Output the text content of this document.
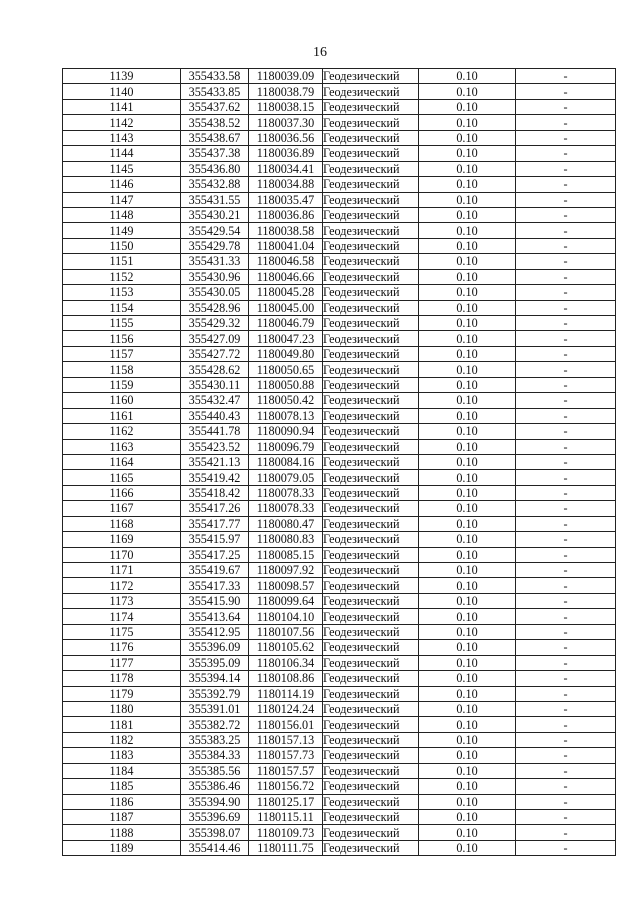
16
1139	355433.58	1180039.09	Геодезический	0.10	-
1140	355433.85	1180038.79	Геодезический	0.10	-
1141	355437.62	1180038.15	Геодезический	0.10	-
1142	355438.52	1180037.30	Геодезический	0.10	-
1143	355438.67	1180036.56	Геодезический	0.10	-
1144	355437.38	1180036.89	Геодезический	0.10	-
1145	355436.80	1180034.41	Геодезический	0.10	-
1146	355432.88	1180034.88	Геодезический	0.10	-
1147	355431.55	1180035.47	Геодезический	0.10	-
1148	355430.21	1180036.86	Геодезический	0.10	-
1149	355429.54	1180038.58	Геодезический	0.10	-
1150	355429.78	1180041.04	Геодезический	0.10	-
1151	355431.33	1180046.58	Геодезический	0.10	-
1152	355430.96	1180046.66	Геодезический	0.10	-
1153	355430.05	1180045.28	Геодезический	0.10	-
1154	355428.96	1180045.00	Геодезический	0.10	-
1155	355429.32	1180046.79	Геодезический	0.10	-
1156	355427.09	1180047.23	Геодезический	0.10	-
1157	355427.72	1180049.80	Геодезический	0.10	-
1158	355428.62	1180050.65	Геодезический	0.10	-
1159	355430.11	1180050.88	Геодезический	0.10	-
1160	355432.47	1180050.42	Геодезический	0.10	-
1161	355440.43	1180078.13	Геодезический	0.10	-
1162	355441.78	1180090.94	Геодезический	0.10	-
1163	355423.52	1180096.79	Геодезический	0.10	-
1164	355421.13	1180084.16	Геодезический	0.10	-
1165	355419.42	1180079.05	Геодезический	0.10	-
1166	355418.42	1180078.33	Геодезический	0.10	-
1167	355417.26	1180078.33	Геодезический	0.10	-
1168	355417.77	1180080.47	Геодезический	0.10	-
1169	355415.97	1180080.83	Геодезический	0.10	-
1170	355417.25	1180085.15	Геодезический	0.10	-
1171	355419.67	1180097.92	Геодезический	0.10	-
1172	355417.33	1180098.57	Геодезический	0.10	-
1173	355415.90	1180099.64	Геодезический	0.10	-
1174	355413.64	1180104.10	Геодезический	0.10	-
1175	355412.95	1180107.56	Геодезический	0.10	-
1176	355396.09	1180105.62	Геодезический	0.10	-
1177	355395.09	1180106.34	Геодезический	0.10	-
1178	355394.14	1180108.86	Геодезический	0.10	-
1179	355392.79	1180114.19	Геодезический	0.10	-
1180	355391.01	1180124.24	Геодезический	0.10	-
1181	355382.72	1180156.01	Геодезический	0.10	-
1182	355383.25	1180157.13	Геодезический	0.10	-
1183	355384.33	1180157.73	Геодезический	0.10	-
1184	355385.56	1180157.57	Геодезический	0.10	-
1185	355386.46	1180156.72	Геодезический	0.10	-
1186	355394.90	1180125.17	Геодезический	0.10	-
1187	355396.69	1180115.11	Геодезический	0.10	-
1188	355398.07	1180109.73	Геодезический	0.10	-
1189	355414.46	1180111.75	Геодезический	0.10	-
